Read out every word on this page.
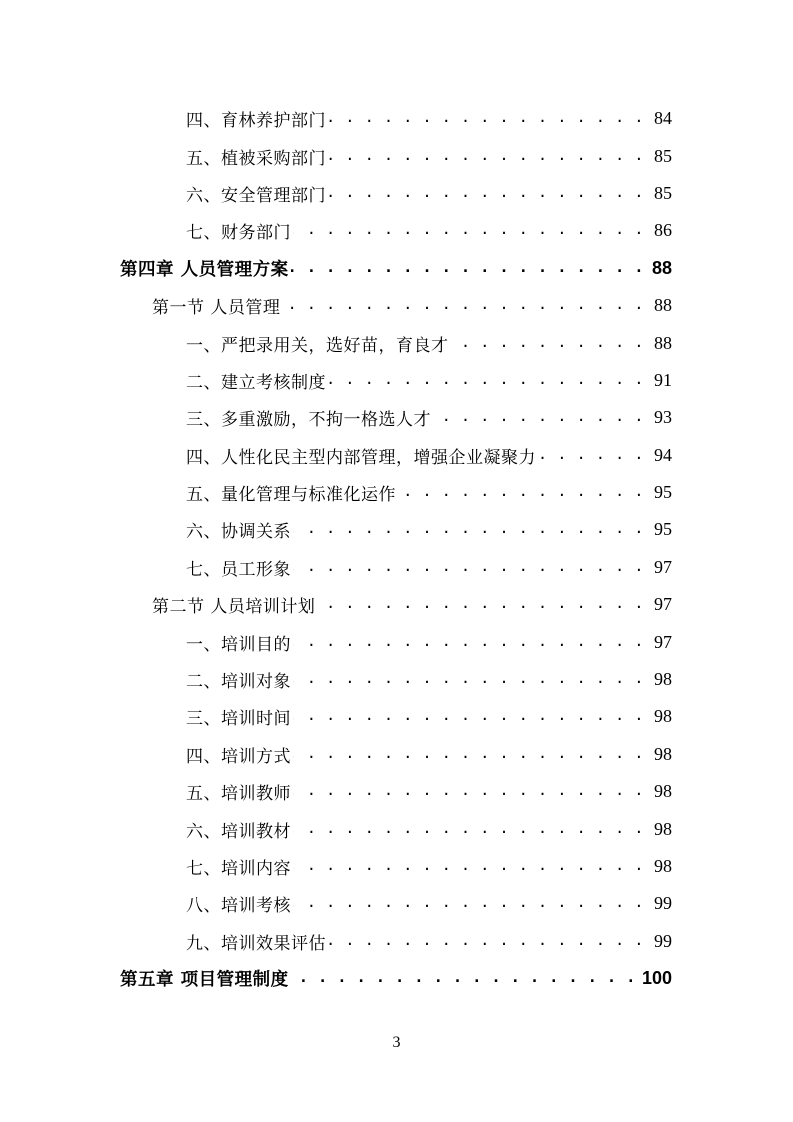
四、育林养护部门 . . .	84
五、植被采购部门 . . .	85
六、安全管理部门 . . .	85
七、财务部门 . . .	86
第四章 人员管理方案 . . .	88
第一节 人员管理 . . .	88
一、严把录用关，选好苗，育良才 . . .	88
二、建立考核制度 . . .	91
三、多重激励，不拘一格选人才 . . .	93
四、人性化民主型内部管理，增强企业凝聚力 . . .	94
五、量化管理与标准化运作 . . .	95
六、协调关系 . . .	95
七、员工形象 . . .	97
第二节 人员培训计划 . . .	97
一、培训目的 . . .	97
二、培训对象 . . .	98
三、培训时间 . . .	98
四、培训方式 . . .	98
五、培训教师 . . .	98
六、培训教材 . . .	98
七、培训内容 . . .	98
八、培训考核 . . .	99
九、培训效果评估 . . .	99
第五章 项目管理制度 . . .	100
3
